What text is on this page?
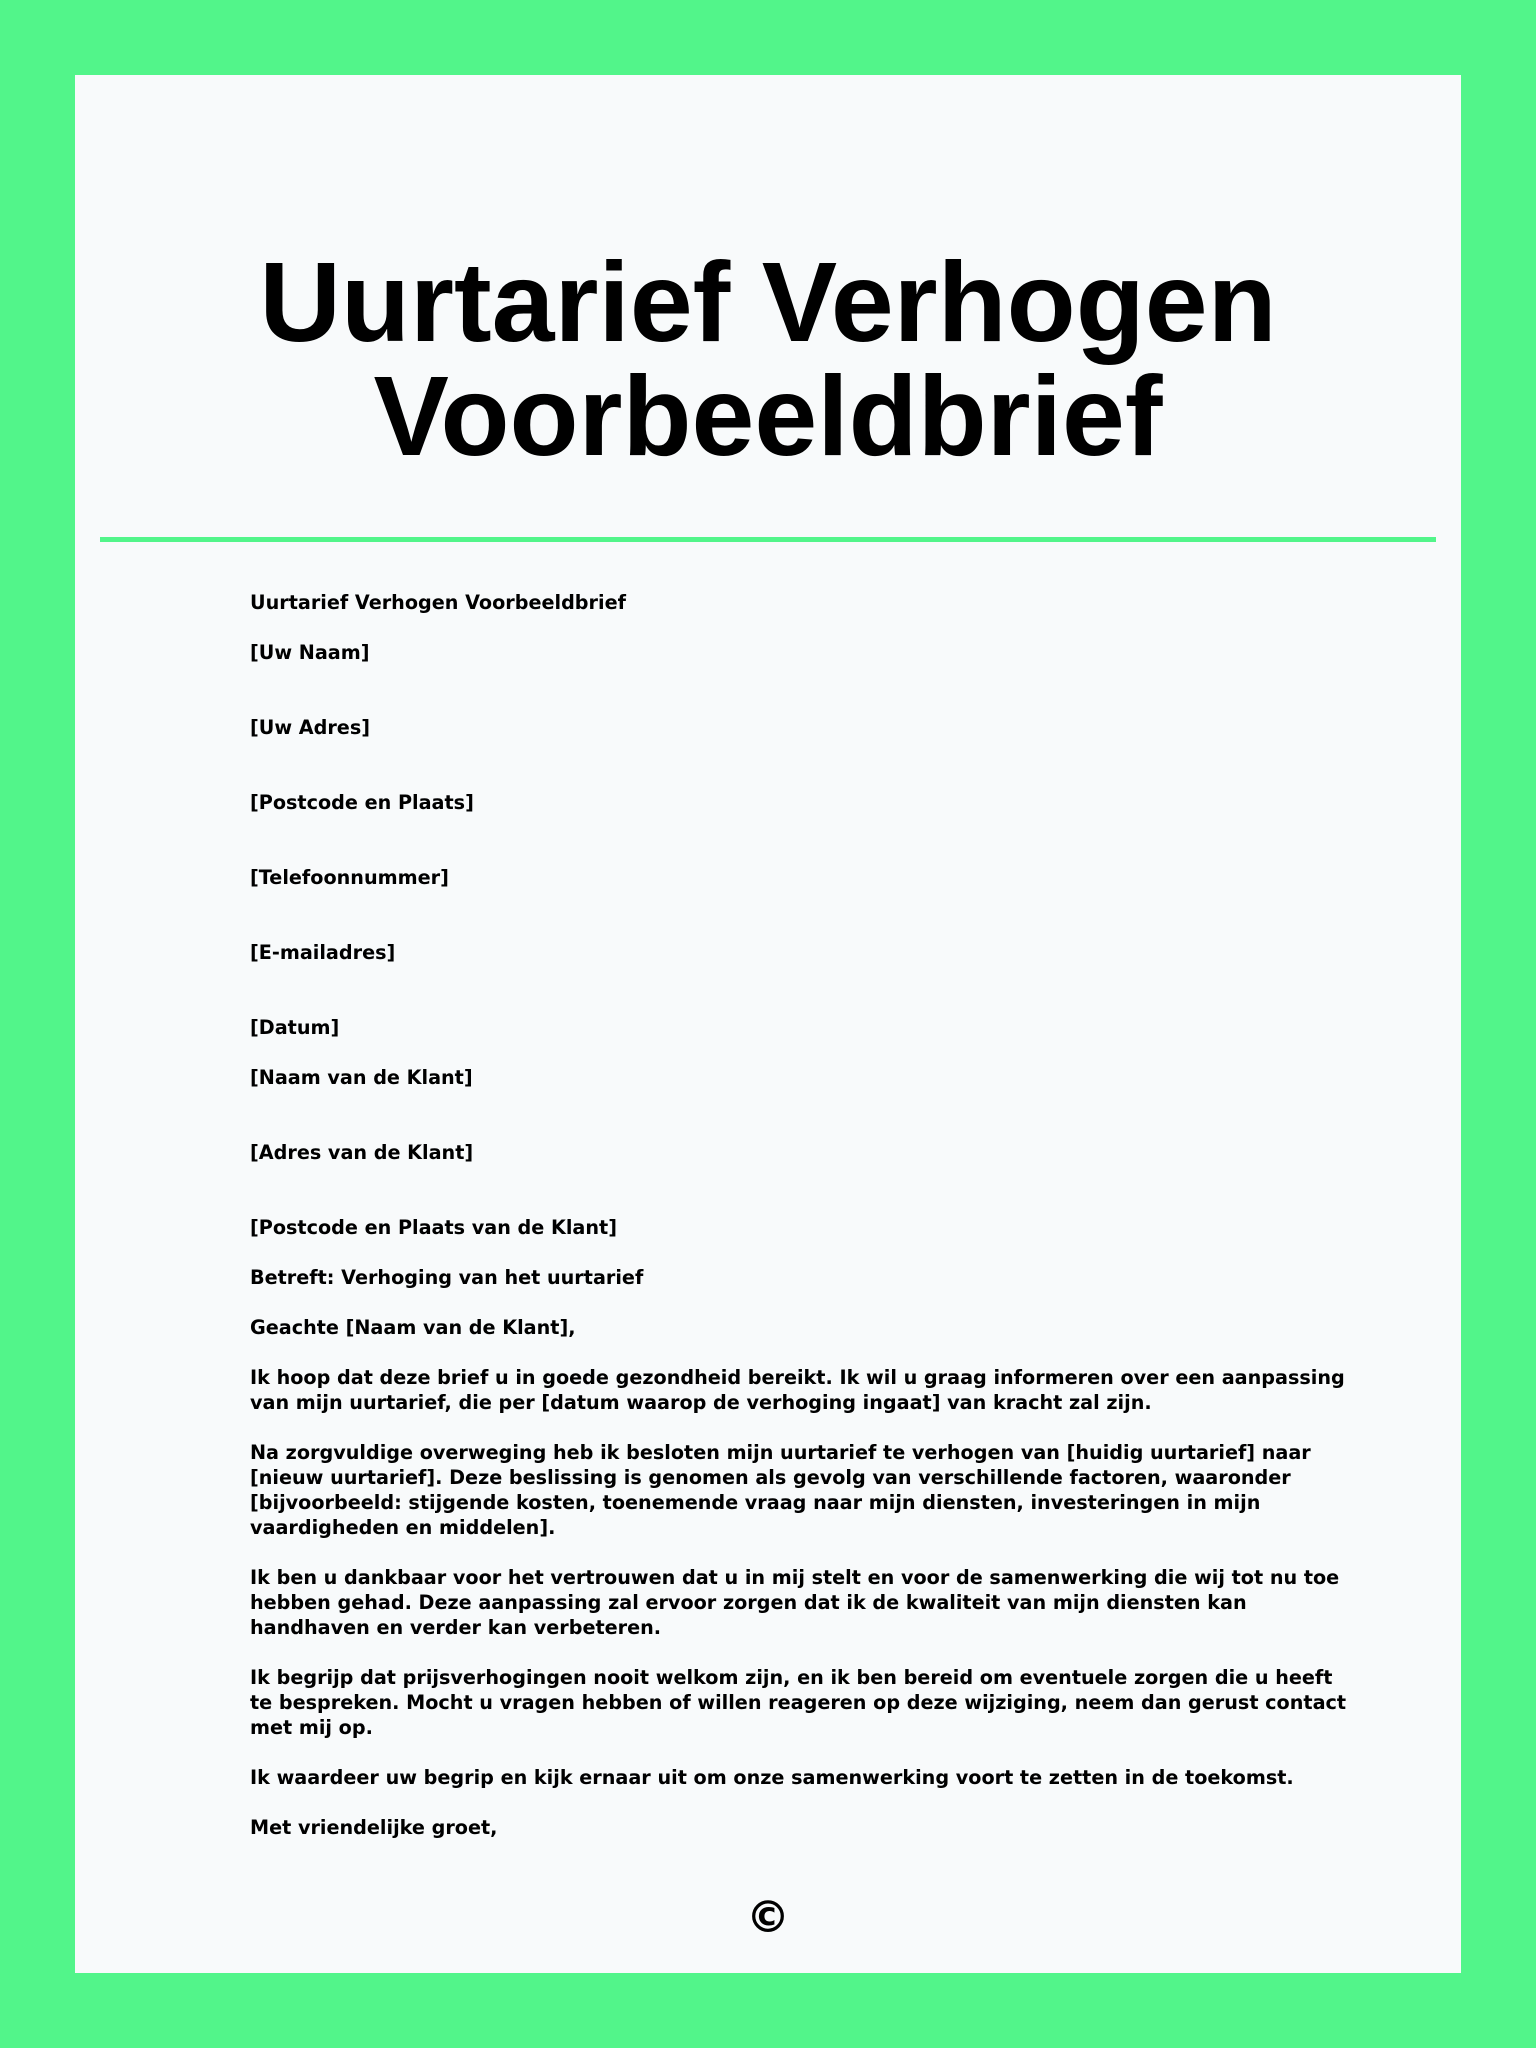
Uurtarief Verhogen
Voorbeeldbrief

Uurtarief Verhogen Voorbeeldbrief

[Uw Naam]

[Uw Adres]

[Postcode en Plaats]

[Telefoonnummer]

[E-mailadres]

[Datum]

[Naam van de Klant]

[Adres van de Klant]

[Postcode en Plaats van de Klant]

Betreft: Verhoging van het uurtarief

Geachte [Naam van de Klant],

Ik hoop dat deze brief u in goede gezondheid bereikt. Ik wil u graag informeren over een aanpassing van mijn uurtarief, die per [datum waarop de verhoging ingaat] van kracht zal zijn.

Na zorgvuldige overweging heb ik besloten mijn uurtarief te verhogen van [huidig uurtarief] naar [nieuw uurtarief]. Deze beslissing is genomen als gevolg van verschillende factoren, waaronder [bijvoorbeeld: stijgende kosten, toenemende vraag naar mijn diensten, investeringen in mijn vaardigheden en middelen].

Ik ben u dankbaar voor het vertrouwen dat u in mij stelt en voor de samenwerking die wij tot nu toe hebben gehad. Deze aanpassing zal ervoor zorgen dat ik de kwaliteit van mijn diensten kan handhaven en verder kan verbeteren.

Ik begrijp dat prijsverhogingen nooit welkom zijn, en ik ben bereid om eventuele zorgen die u heeft te bespreken. Mocht u vragen hebben of willen reageren op deze wijziging, neem dan gerust contact met mij op.

Ik waardeer uw begrip en kijk ernaar uit om onze samenwerking voort te zetten in de toekomst.

Met vriendelijke groet,

©
